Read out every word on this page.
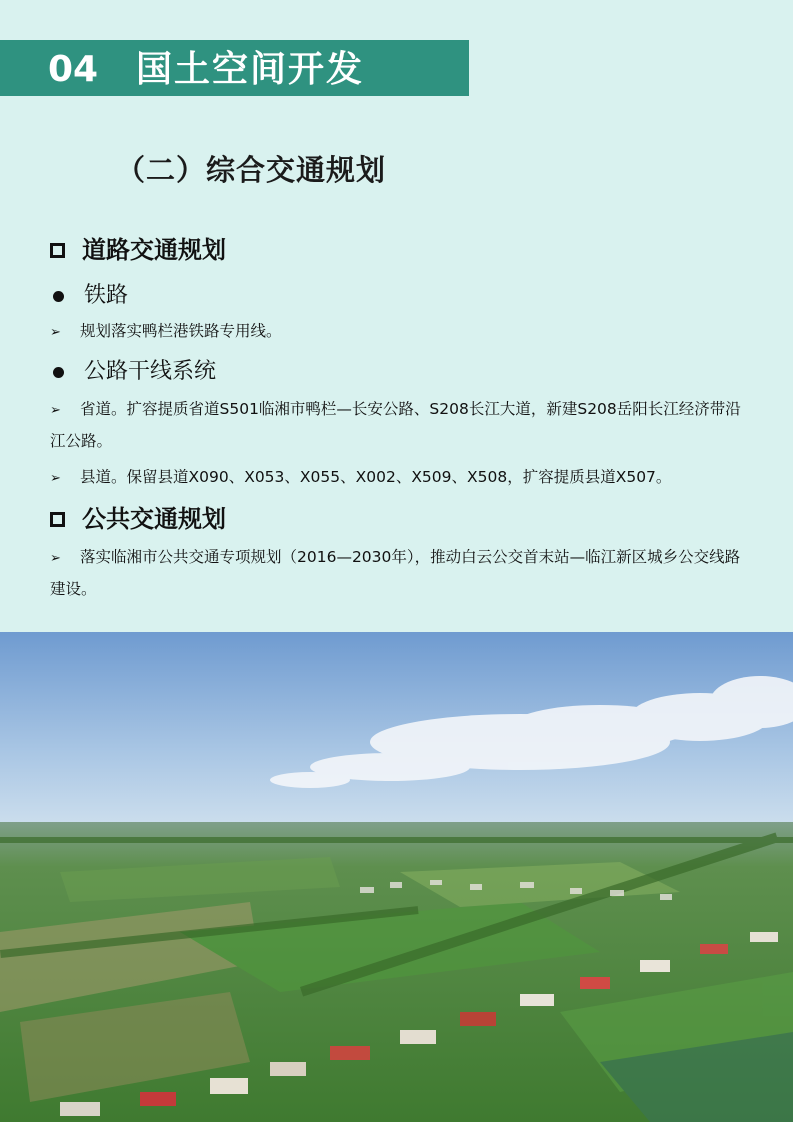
04 国土空间开发
（二）综合交通规划
道路交通规划
铁路
➢ 规划落实鸭栏港铁路专用线。
公路干线系统
➢ 省道。扩容提质省道S501临湘市鸭栏—长安公路、S208长江大道，新建S208岳阳长江经济带沿江公路。
➢ 县道。保留县道X090、X053、X055、X002、X509、X508，扩容提质县道X507。
公共交通规划
➢ 落实临湘市公共交通专项规划（2016—2030年），推动白云公交首末站—临江新区城乡公交线路建设。
